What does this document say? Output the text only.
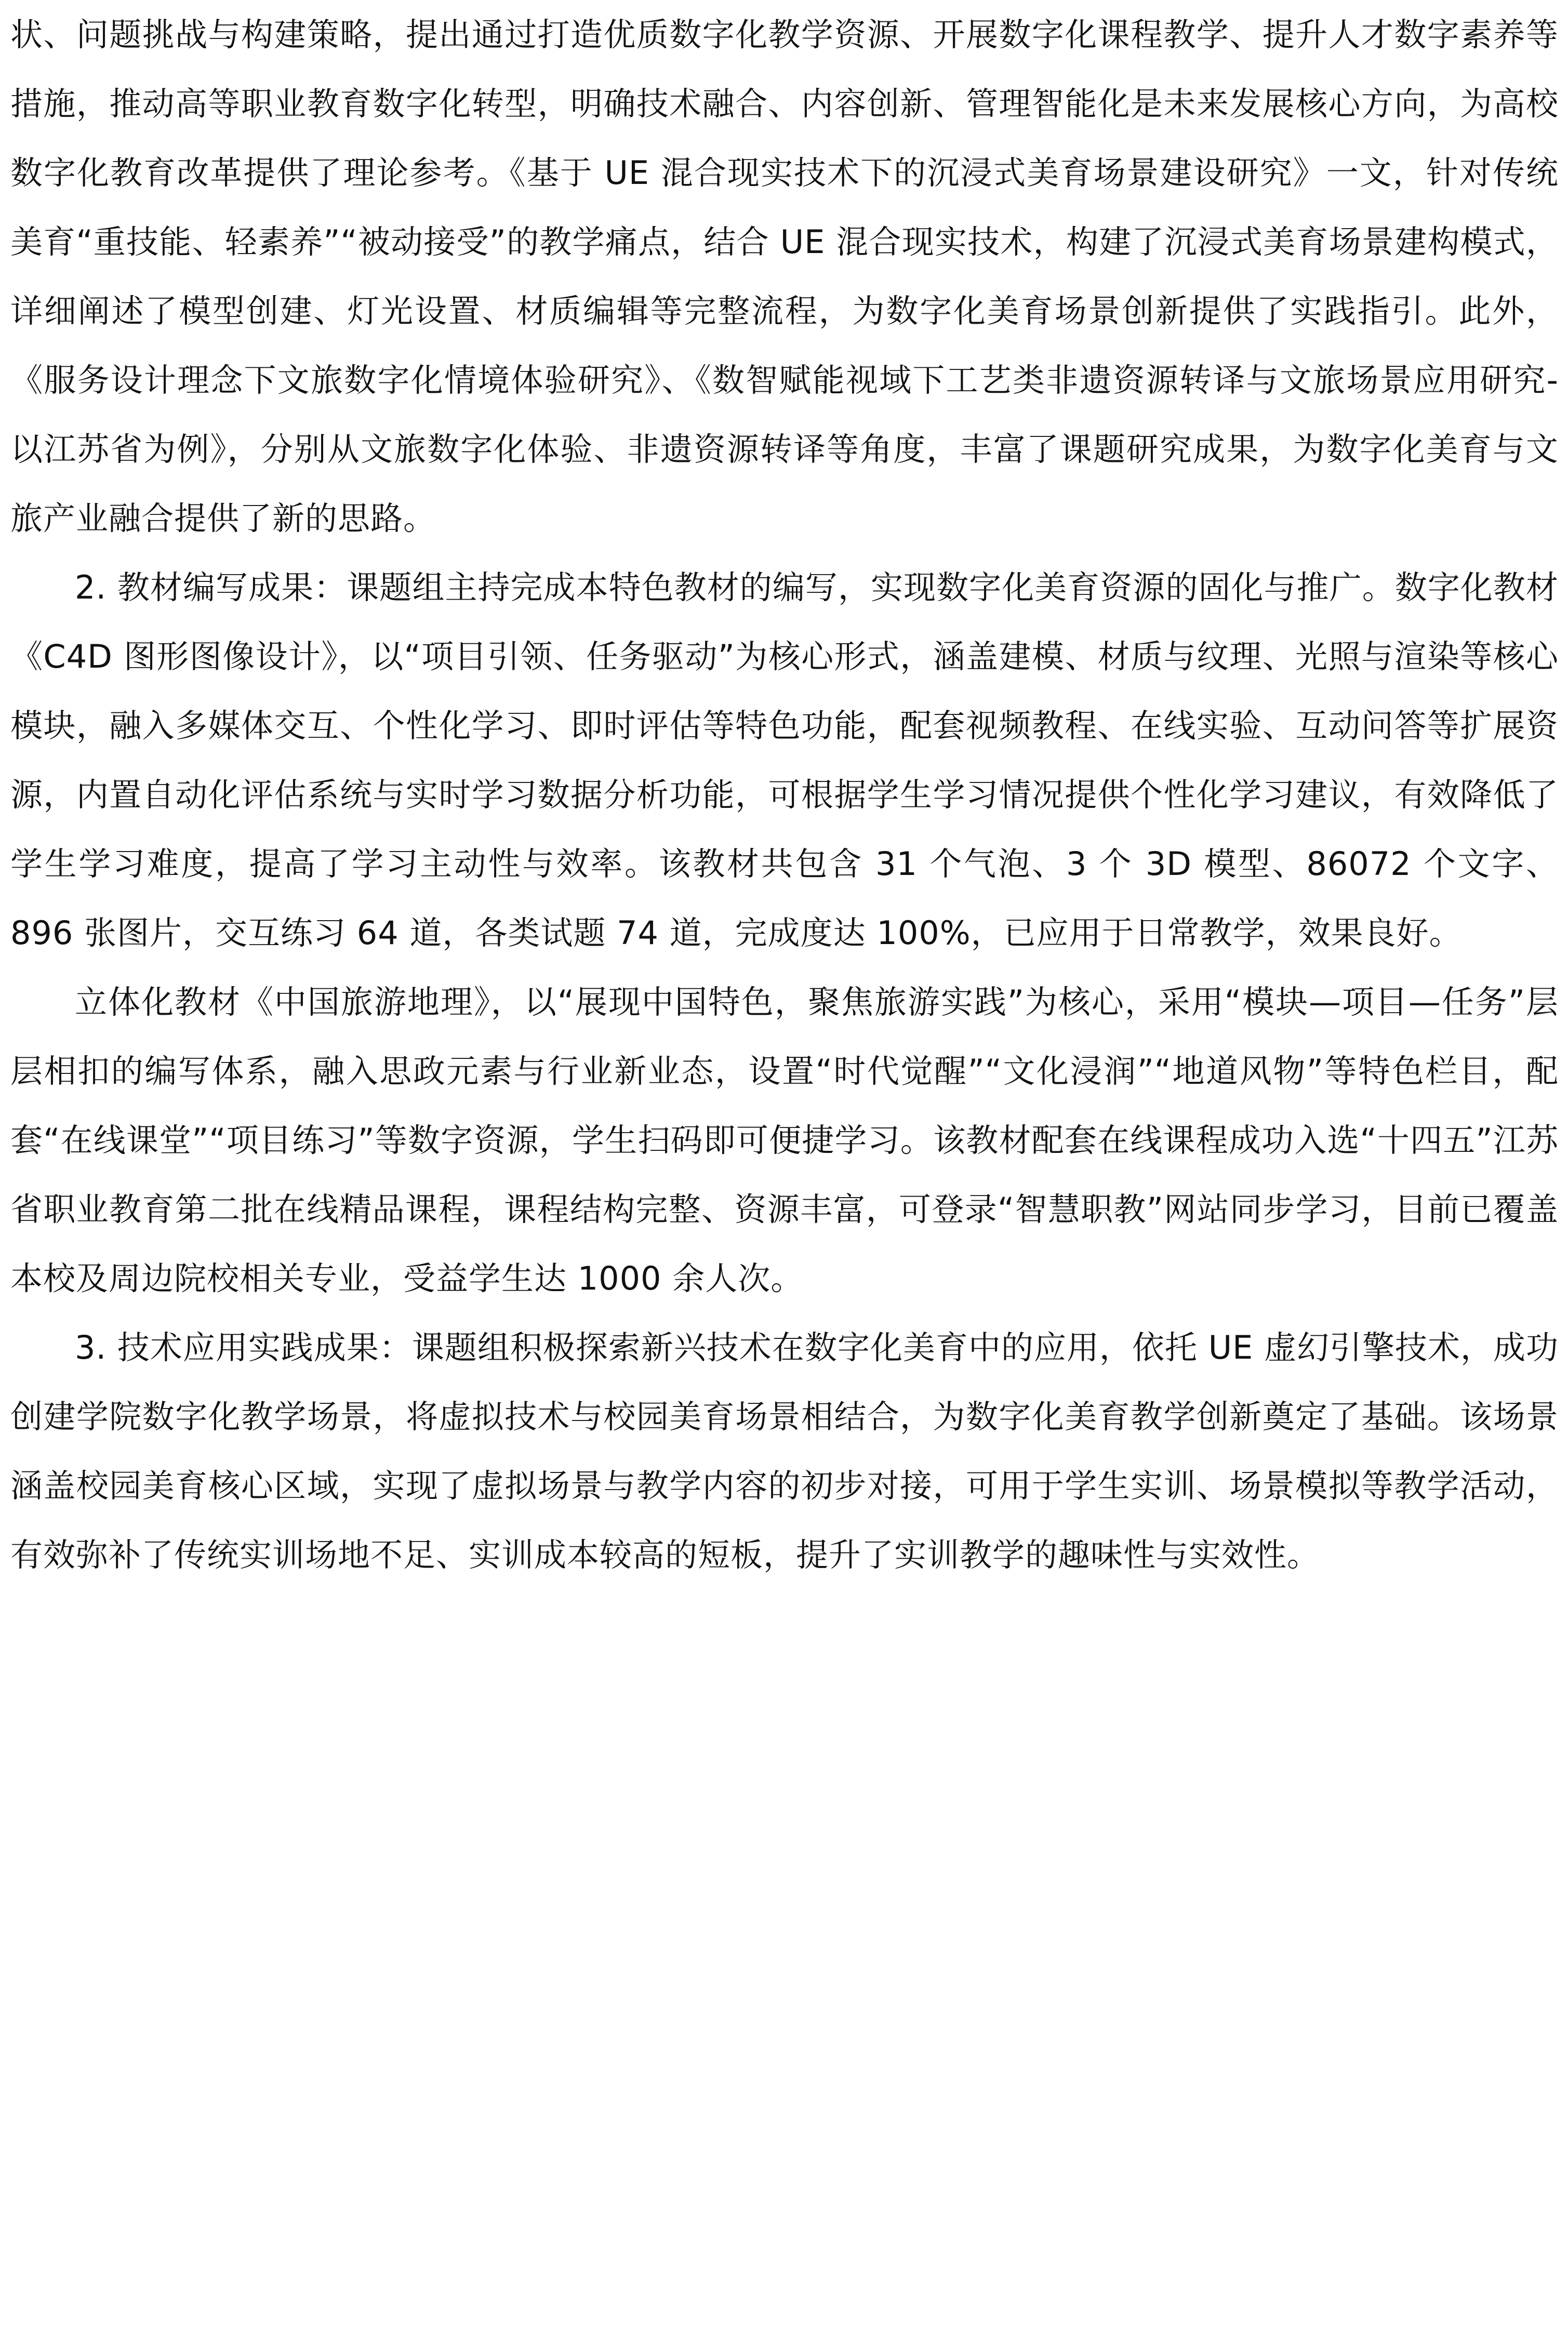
状、问题挑战与构建策略，提出通过打造优质数字化教学资源、开展数字化课程教学、提升人才数字素养等措施，推动高等职业教育数字化转型，明确技术融合、内容创新、管理智能化是未来发展核心方向，为高校数字化教育改革提供了理论参考。《基于 UE 混合现实技术下的沉浸式美育场景建设研究》一文，针对传统美育“重技能、轻素养”“被动接受”的教学痛点，结合 UE 混合现实技术，构建了沉浸式美育场景建构模式，详细阐述了模型创建、灯光设置、材质编辑等完整流程，为数字化美育场景创新提供了实践指引。此外，《服务设计理念下文旅数字化情境体验研究》、《数智赋能视域下工艺类非遗资源转译与文旅场景应用研究-以江苏省为例》，分别从文旅数字化体验、非遗资源转译等角度，丰富了课题研究成果，为数字化美育与文旅产业融合提供了新的思路。

2. 教材编写成果：课题组主持完成本特色教材的编写，实现数字化美育资源的固化与推广。数字化教材《C4D 图形图像设计》，以“项目引领、任务驱动”为核心形式，涵盖建模、材质与纹理、光照与渲染等核心模块，融入多媒体交互、个性化学习、即时评估等特色功能，配套视频教程、在线实验、互动问答等扩展资源，内置自动化评估系统与实时学习数据分析功能，可根据学生学习情况提供个性化学习建议，有效降低了学生学习难度，提高了学习主动性与效率。该教材共包含 31 个气泡、3 个 3D 模型、86072 个文字、896 张图片，交互练习 64 道，各类试题 74 道，完成度达 100%，已应用于日常教学，效果良好。

立体化教材《中国旅游地理》，以“展现中国特色，聚焦旅游实践”为核心，采用“模块—项目—任务”层层相扣的编写体系，融入思政元素与行业新业态，设置“时代觉醒”“文化浸润”“地道风物”等特色栏目，配套“在线课堂”“项目练习”等数字资源，学生扫码即可便捷学习。该教材配套在线课程成功入选“十四五”江苏省职业教育第二批在线精品课程，课程结构完整、资源丰富，可登录“智慧职教”网站同步学习，目前已覆盖本校及周边院校相关专业，受益学生达 1000 余人次。

3. 技术应用实践成果：课题组积极探索新兴技术在数字化美育中的应用，依托 UE 虚幻引擎技术，成功创建学院数字化教学场景，将虚拟技术与校园美育场景相结合，为数字化美育教学创新奠定了基础。该场景涵盖校园美育核心区域，实现了虚拟场景与教学内容的初步对接，可用于学生实训、场景模拟等教学活动，有效弥补了传统实训场地不足、实训成本较高的短板，提升了实训教学的趣味性与实效性。
